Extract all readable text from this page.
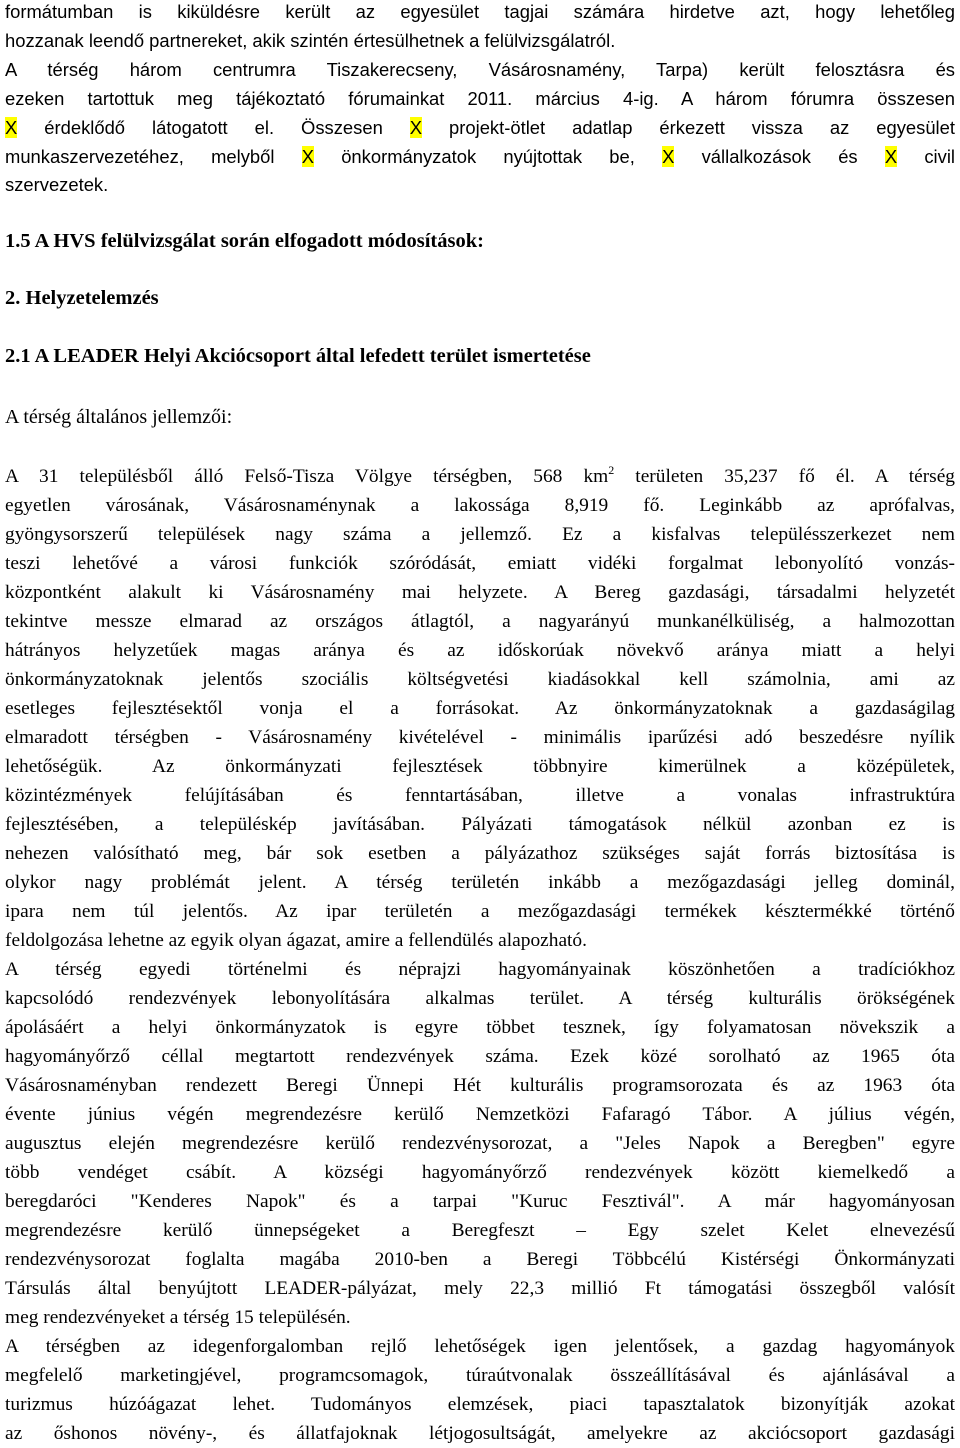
formátumban is kiküldésre került az egyesület tagjai számára hirdetve azt, hogy lehetőleg
hozzanak leendő partnereket, akik szintén értesülhetnek a felülvizsgálatról.
A térség három centrumra Tiszakerecseny, Vásárosnamény, Tarpa) került felosztásra és
ezeken tartottuk meg tájékoztató fórumainkat 2011. március 4-ig. A három fórumra összesen
X érdeklődő látogatott el. Összesen X projekt-ötlet adatlap érkezett vissza az egyesület
munkaszervezetéhez, melyből X önkormányzatok nyújtottak be, X vállalkozások és X civil
szervezetek.
1.5 A HVS felülvizsgálat során elfogadott módosítások:
2. Helyzetelemzés
2.1 A LEADER Helyi Akciócsoport által lefedett terület ismertetése
A térség általános jellemzői:
A 31 településből álló Felső-Tisza Völgye térségben, 568 $km^2$ területen 35,237 fő él. A térség
egyetlen városának, Vásárosnaménynak a lakossága 8,919 fő. Leginkább az aprófalvas,
gyöngysorszerű települések nagy száma a jellemző. Ez a kisfalvas településszerkezet nem
teszi lehetővé a városi funkciók szóródását, emiatt vidéki forgalmat lebonyolító vonzás-
központként alakult ki Vásárosnamény mai helyzete. A Bereg gazdasági, társadalmi helyzetét
tekintve messze elmarad az országos átlagtól, a nagyarányú munkanélküliség, a halmozottan
hátrányos helyzetűek magas aránya és az időskorúak növekvő aránya miatt a helyi
önkormányzatoknak jelentős szociális költségvetési kiadásokkal kell számolnia, ami az
esetleges fejlesztésektől vonja el a forrásokat. Az önkormányzatoknak a gazdaságilag
elmaradott térségben - Vásárosnamény kivételével - minimális iparűzési adó beszedésre nyílik
lehetőségük. Az önkormányzati fejlesztések többnyire kimerülnek a középületek,
közintézmények felújításában és fenntartásában, illetve a vonalas infrastruktúra
fejlesztésében, a településkép javításában. Pályázati támogatások nélkül azonban ez is
nehezen valósítható meg, bár sok esetben a pályázathoz szükséges saját forrás biztosítása is
olykor nagy problémát jelent. A térség területén inkább a mezőgazdasági jelleg dominál,
ipara nem túl jelentős. Az ipar területén a mezőgazdasági termékek késztermékké történő
feldolgozása lehetne az egyik olyan ágazat, amire a fellendülés alapozható.
A térség egyedi történelmi és néprajzi hagyományainak köszönhetően a tradíciókhoz
kapcsolódó rendezvények lebonyolítására alkalmas terület. A térség kulturális örökségének
ápolásáért a helyi önkormányzatok is egyre többet tesznek, így folyamatosan növekszik a
hagyományőrző céllal megtartott rendezvények száma. Ezek közé sorolható az 1965 óta
Vásárosnaményban rendezett Beregi Ünnepi Hét kulturális programsorozata és az 1963 óta
évente június végén megrendezésre kerülő Nemzetközi Fafaragó Tábor. A július végén,
augusztus elején megrendezésre kerülő rendezvénysorozat, a "Jeles Napok a Beregben" egyre
több vendéget csábít. A községi hagyományőrző rendezvények között kiemelkedő a
beregdaróci "Kenderes Napok" és a tarpai "Kuruc Fesztivál". A már hagyományosan
megrendezésre kerülő ünnepségeket a Beregfeszt – Egy szelet Kelet elnevezésű
rendezvénysorozat foglalta magába 2010-ben a Beregi Többcélú Kistérségi Önkormányzati
Társulás által benyújtott LEADER-pályázat, mely 22,3 millió Ft támogatási összegből valósít
meg rendezvényeket a térség 15 településén.
A térségben az idegenforgalomban rejlő lehetőségek igen jelentősek, a gazdag hagyományok
megfelelő marketingjével, programcsomagok, túraútvonalak összeállításával és ajánlásával a
turizmus húzóágazat lehet. Tudományos elemzések, piaci tapasztalatok bizonyítják azokat
az őshonos növény-, és állatfajoknak létjogosultságát, amelyekre az akciócsoport gazdasági
